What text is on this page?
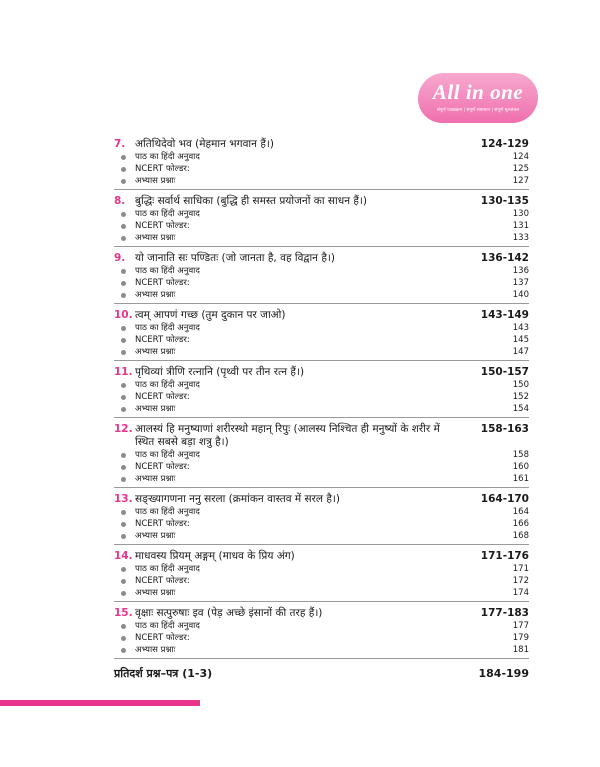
All in one
संपूर्ण पाठ्यक्रम | संपूर्ण समाधान | संपूर्ण मूल्यांकन
7. अतिथिदेवो भव (मेहमान भगवान हैं।)	124-129
पाठ का हिंदी अनुवाद	124
NCERT फोल्डर:	125
अभ्यास प्रश्नाः	127
8. बुद्धिः सर्वार्थ साधिका (बुद्धि ही समस्त प्रयोजनों का साधन हैं।)	130-135
पाठ का हिंदी अनुवाद	130
NCERT फोल्डर:	131
अभ्यास प्रश्नाः	133
9. यो जानाति सः पण्डितः (जो जानता है, वह विद्वान है।)	136-142
पाठ का हिंदी अनुवाद	136
NCERT फोल्डर:	137
अभ्यास प्रश्नाः	140
10. त्वम् आपणं गच्छ (तुम दुकान पर जाओ)	143-149
पाठ का हिंदी अनुवाद	143
NCERT फोल्डर:	145
अभ्यास प्रश्नाः	147
11. पृथिव्यां त्रीणि रत्नानि (पृथ्वी पर तीन रत्न हैं।)	150-157
पाठ का हिंदी अनुवाद	150
NCERT फोल्डर:	152
अभ्यास प्रश्नाः	154
12. आलस्यं हि मनुष्याणां शरीरस्थो महान् रिपुः (आलस्य निश्चित ही मनुष्यों के शरीर में स्थित सबसे बड़ा शत्रु है।)
158-163
पाठ का हिंदी अनुवाद	158
NCERT फोल्डर:	160
अभ्यास प्रश्नाः	161
13. सङ्ख्यागणना ननु सरला (क्रमांकन वास्तव में सरल है।)	164-170
पाठ का हिंदी अनुवाद	164
NCERT फोल्डर:	166
अभ्यास प्रश्नाः	168
14. माधवस्य प्रियम् अङ्गम् (माधव के प्रिय अंग)	171-176
पाठ का हिंदी अनुवाद	171
NCERT फोल्डर:	172
अभ्यास प्रश्नाः	174
15. वृक्षाः सत्पुरुषाः इव (पेड़ अच्छे इंसानों की तरह हैं।)	177-183
पाठ का हिंदी अनुवाद	177
NCERT फोल्डर:	179
अभ्यास प्रश्नाः	181
प्रतिदर्श प्रश्न–पत्र (1-3)	184-199
